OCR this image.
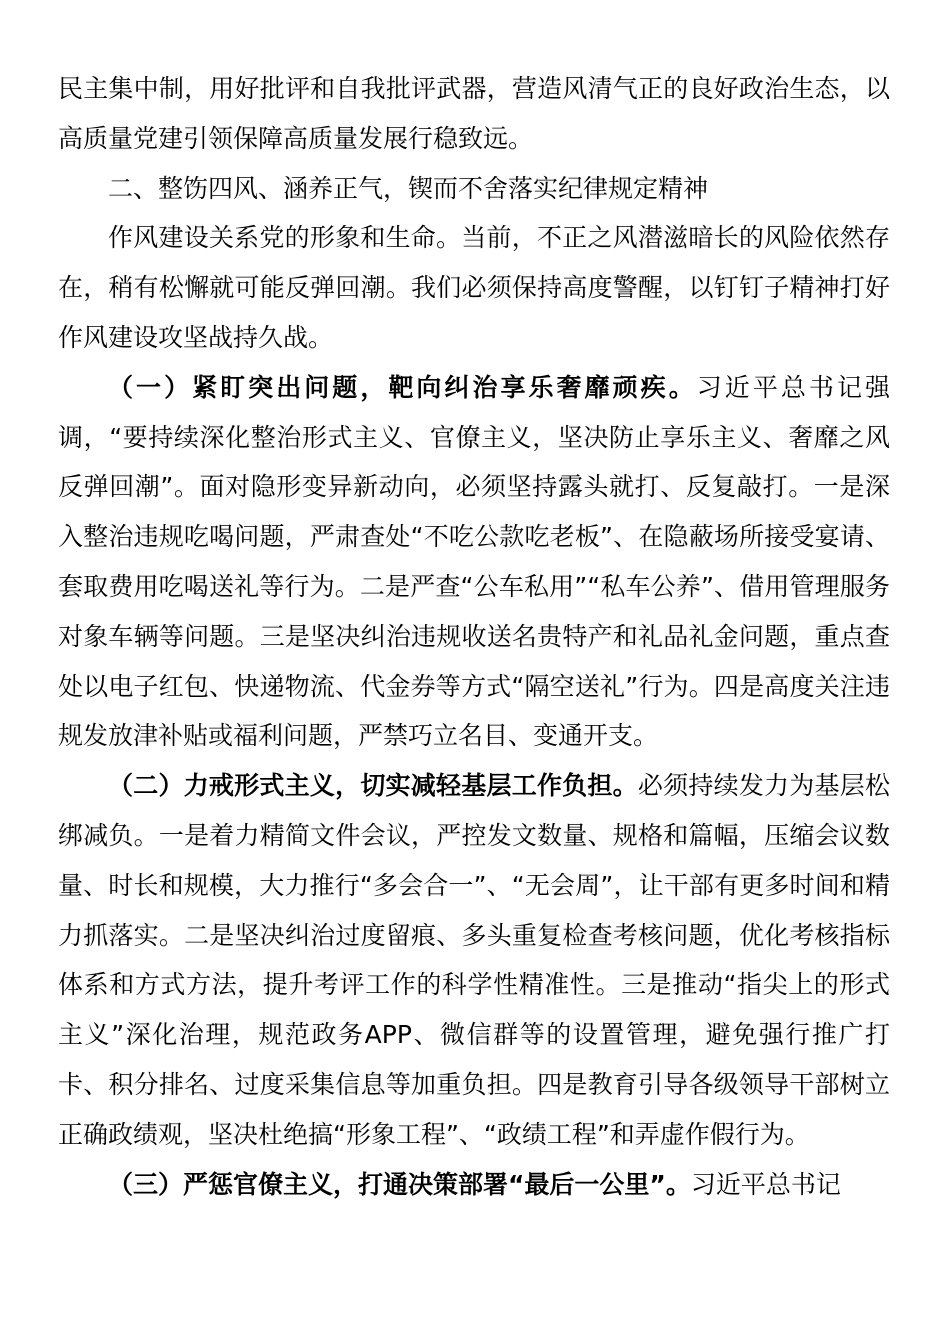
民主集中制，用好批评和自我批评武器，营造风清气正的良好政治生态，以高质量党建引领保障高质量发展行稳致远。

二、整饬四风、涵养正气，锲而不舍落实纪律规定精神

作风建设关系党的形象和生命。当前，不正之风潜滋暗长的风险依然存在，稍有松懈就可能反弹回潮。我们必须保持高度警醒，以钉钉子精神打好作风建设攻坚战持久战。

（一）紧盯突出问题，靶向纠治享乐奢靡顽疾。习近平总书记强调，“要持续深化整治形式主义、官僚主义，坚决防止享乐主义、奢靡之风反弹回潮”。面对隐形变异新动向，必须坚持露头就打、反复敲打。一是深入整治违规吃喝问题，严肃查处“不吃公款吃老板”、在隐蔽场所接受宴请、套取费用吃喝送礼等行为。二是严查“公车私用”“私车公养”、借用管理服务对象车辆等问题。三是坚决纠治违规收送名贵特产和礼品礼金问题，重点查处以电子红包、快递物流、代金券等方式“隔空送礼”行为。四是高度关注违规发放津补贴或福利问题，严禁巧立名目、变通开支。

（二）力戒形式主义，切实减轻基层工作负担。必须持续发力为基层松绑减负。一是着力精简文件会议，严控发文数量、规格和篇幅，压缩会议数量、时长和规模，大力推行“多会合一”、“无会周”，让干部有更多时间和精力抓落实。二是坚决纠治过度留痕、多头重复检查考核问题，优化考核指标体系和方式方法，提升考评工作的科学性精准性。三是推动“指尖上的形式主义”深化治理，规范政务APP、微信群等的设置管理，避免强行推广打卡、积分排名、过度采集信息等加重负担。四是教育引导各级领导干部树立正确政绩观，坚决杜绝搞“形象工程”、“政绩工程”和弄虚作假行为。

（三）严惩官僚主义，打通决策部署“最后一公里”。习近平总书记
